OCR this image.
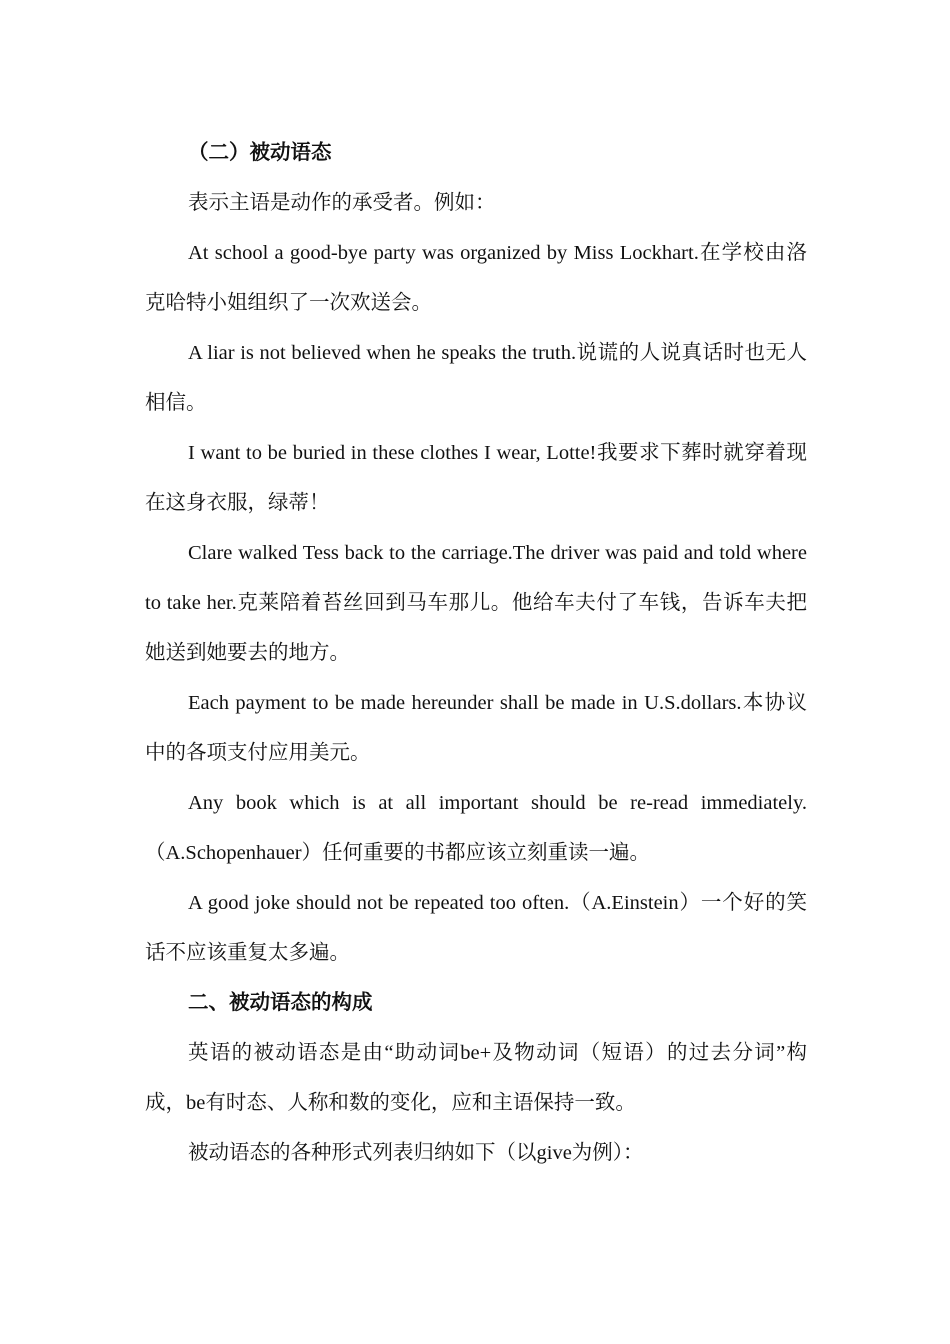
（二）被动语态

表示主语是动作的承受者。例如：

At school a good-bye party was organized by Miss Lockhart.在学校由洛克哈特小姐组织了一次欢送会。

A liar is not believed when he speaks the truth.说谎的人说真话时也无人相信。

I want to be buried in these clothes I wear, Lotte!我要求下葬时就穿着现在这身衣服，绿蒂！

Clare walked Tess back to the carriage.The driver was paid and told where to take her.克莱陪着苔丝回到马车那儿。他给车夫付了车钱，告诉车夫把她送到她要去的地方。

Each payment to be made hereunder shall be made in U.S.dollars.本协议中的各项支付应用美元。

Any book which is at all important should be re-read immediately.（A.Schopenhauer）任何重要的书都应该立刻重读一遍。

A good joke should not be repeated too often.（A.Einstein）一个好的笑话不应该重复太多遍。

二、被动语态的构成

英语的被动语态是由“助动词be+及物动词（短语）的过去分词”构成，be有时态、人称和数的变化，应和主语保持一致。

被动语态的各种形式列表归纳如下（以give为例）：
